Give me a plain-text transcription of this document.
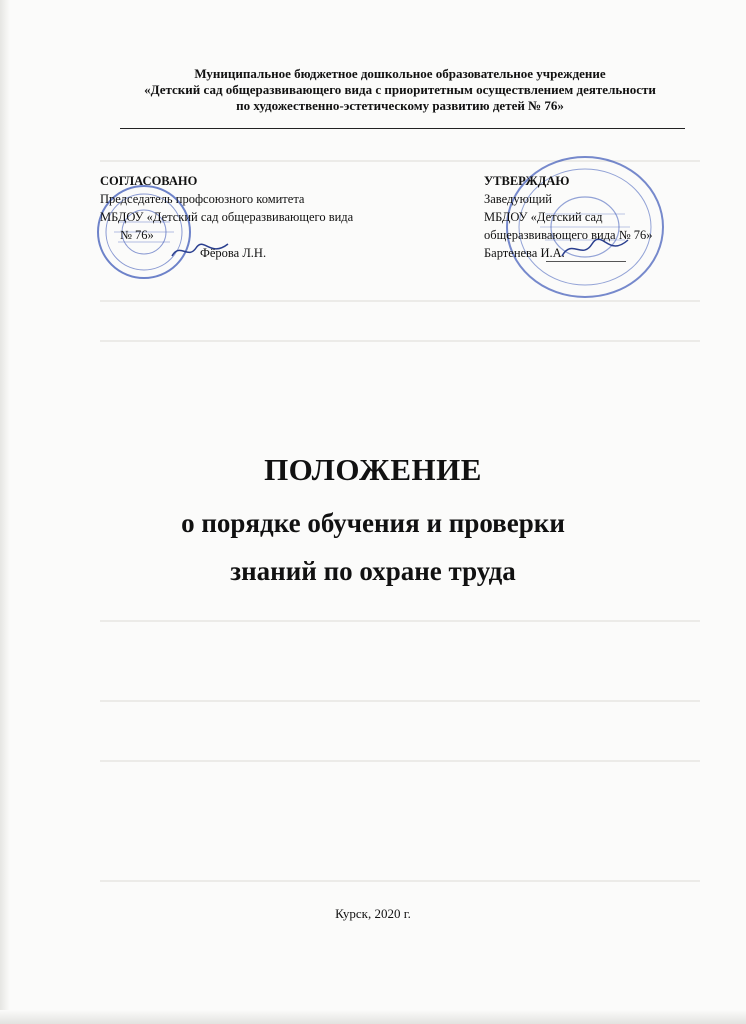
Муниципальное бюджетное дошкольное образовательное учреждение
«Детский сад общеразвивающего вида с приоритетным осуществлением деятельности
по художественно-эстетическому развитию детей № 76»
СОГЛАСОВАНО
Председатель профсоюзного комитета
МБДОУ «Детский сад общеразвивающего вида
№ 76»
Фёрова Л.Н.
УТВЕРЖДАЮ
Заведующий
МБДОУ «Детский сад
общеразвивающего вида № 76»
Бартенева И.А.
ПОЛОЖЕНИЕ
о порядке обучения и проверки
знаний по охране труда
Курск, 2020 г.
